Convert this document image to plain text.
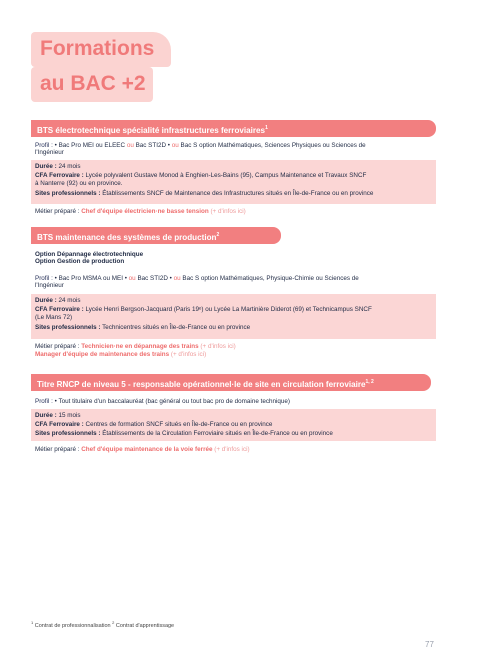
Formations
au BAC +2
BTS électrotechnique spécialité infrastructures ferroviaires$^1$
Profil : • Bac Pro MEI ou ELEEC ou Bac STI2D • ou Bac S option Mathématiques, Sciences Physiques ou Sciences de
l'Ingénieur
Durée : 24 mois
CFA Ferrovaire : Lycée polyvalent Gustave Monod à Enghien-Les-Bains (95), Campus Maintenance et Travaux SNCF
à Nanterre (92) ou en province.
Sites professionnels : Établissements SNCF de Maintenance des Infrastructures situés en Île-de-France ou en province
Métier préparé : Chef d'équipe électricien·ne basse tension (+ d'infos ici)
BTS maintenance des systèmes de production$^2$
Option Dépannage électrotechnique
Option Gestion de production
Profil : • Bac Pro MSMA ou MEI • ou Bac STI2D • ou Bac S option Mathématiques, Physique-Chimie ou Sciences de
l'Ingénieur
Durée : 24 mois
CFA Ferrovaire : Lycée Henri Bergson-Jacquard (Paris 19ᵉ) ou Lycée La Martinière Diderot (69) et Technicampus SNCF
(Le Mans 72)
Sites professionnels : Technicentres situés en Île-de-France ou en province
Métier préparé : Technicien·ne en dépannage des trains (+ d'infos ici)
Manager d'équipe de maintenance des trains (+ d'infos ici)
Titre RNCP de niveau 5 - responsable opérationnel·le de site en circulation ferroviaire$^{1, 2}$
Profil : • Tout titulaire d'un baccalauréat (bac général ou tout bac pro de domaine technique)
Durée : 15 mois
CFA Ferrovaire : Centres de formation SNCF situés en Île-de-France ou en province
Sites professionnels : Établissements de la Circulation Ferroviaire situés en Île-de-France ou en province
Métier préparé : Chef d'équipe maintenance de la voie ferrée (+ d'infos ici)
$^1$ Contrat de professionnalisation $^2$ Contrat d'apprentissage
77
